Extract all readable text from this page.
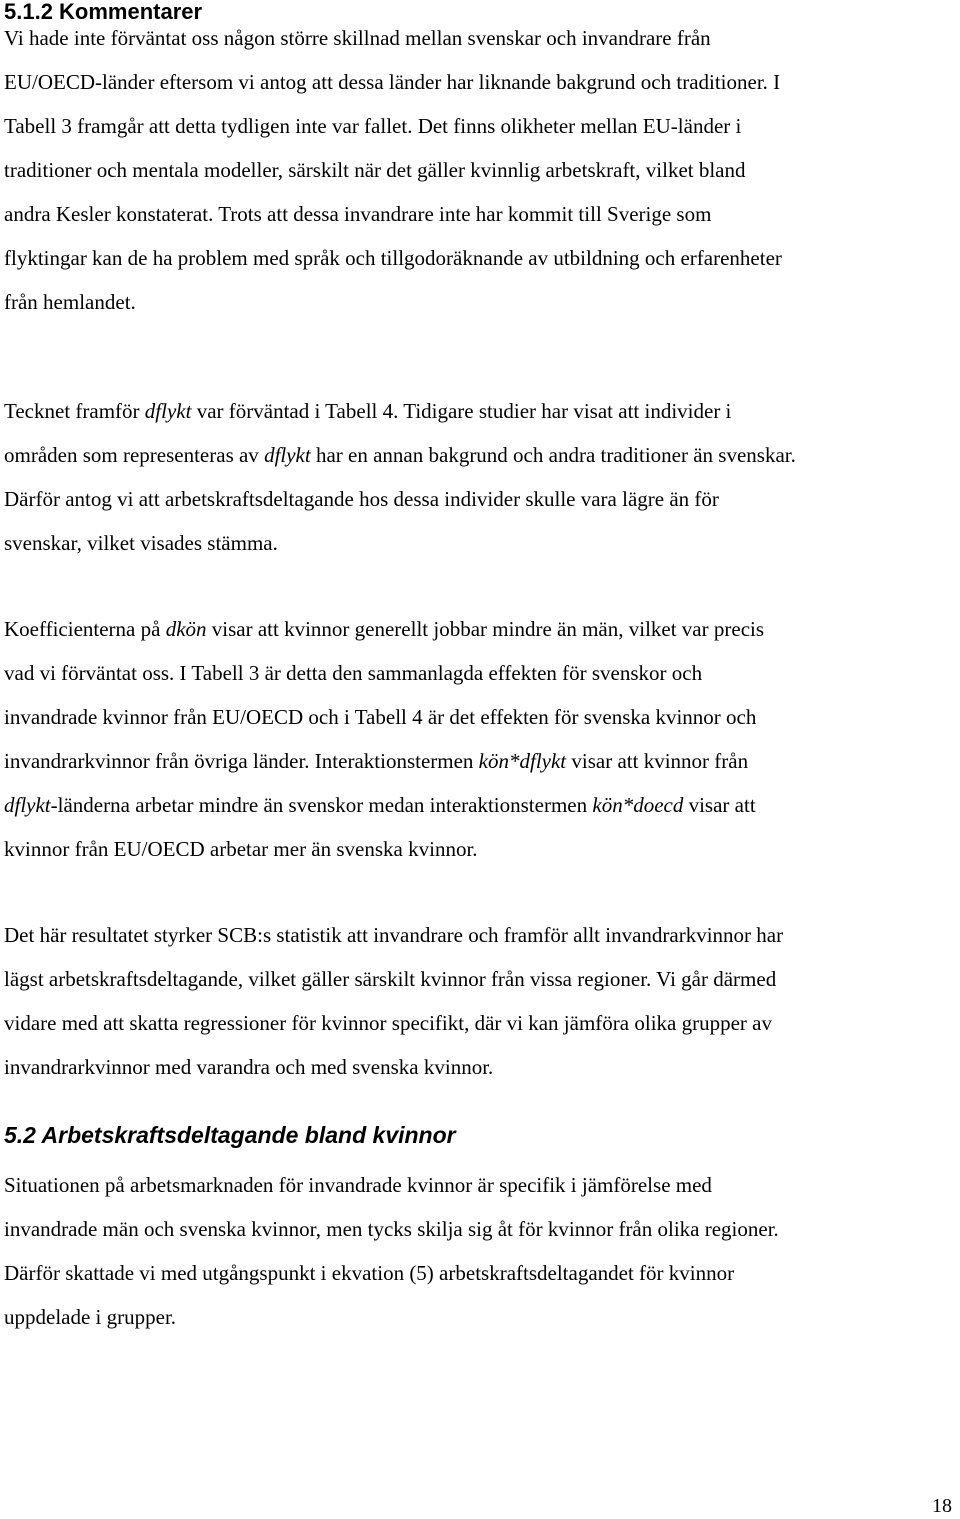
5.1.2 Kommentarer

Vi hade inte förväntat oss någon större skillnad mellan svenskar och invandrare från
EU/OECD-länder eftersom vi antog att dessa länder har liknande bakgrund och traditioner. I
Tabell 3 framgår att detta tydligen inte var fallet. Det finns olikheter mellan EU-länder i
traditioner och mentala modeller, särskilt när det gäller kvinnlig arbetskraft, vilket bland
andra Kesler konstaterat. Trots att dessa invandrare inte har kommit till Sverige som
flyktingar kan de ha problem med språk och tillgodoräknande av utbildning och erfarenheter
från hemlandet.

Tecknet framför dflykt var förväntad i Tabell 4. Tidigare studier har visat att individer i
områden som representeras av dflykt har en annan bakgrund och andra traditioner än svenskar.
Därför antog vi att arbetskraftsdeltagande hos dessa individer skulle vara lägre än för
svenskar, vilket visades stämma.

Koefficienterna på dkön visar att kvinnor generellt jobbar mindre än män, vilket var precis
vad vi förväntat oss. I Tabell 3 är detta den sammanlagda effekten för svenskor och
invandrade kvinnor från EU/OECD och i Tabell 4 är det effekten för svenska kvinnor och
invandrarkvinnor från övriga länder. Interaktionstermen kön*dflykt visar att kvinnor från
dflykt-länderna arbetar mindre än svenskor medan interaktionstermen kön*doecd visar att
kvinnor från EU/OECD arbetar mer än svenska kvinnor.

Det här resultatet styrker SCB:s statistik att invandrare och framför allt invandrarkvinnor har
lägst arbetskraftsdeltagande, vilket gäller särskilt kvinnor från vissa regioner. Vi går därmed
vidare med att skatta regressioner för kvinnor specifikt, där vi kan jämföra olika grupper av
invandrarkvinnor med varandra och med svenska kvinnor.

5.2 Arbetskraftsdeltagande bland kvinnor

Situationen på arbetsmarknaden för invandrade kvinnor är specifik i jämförelse med
invandrade män och svenska kvinnor, men tycks skilja sig åt för kvinnor från olika regioner.
Därför skattade vi med utgångspunkt i ekvation (5) arbetskraftsdeltagandet för kvinnor
uppdelade i grupper.

18
